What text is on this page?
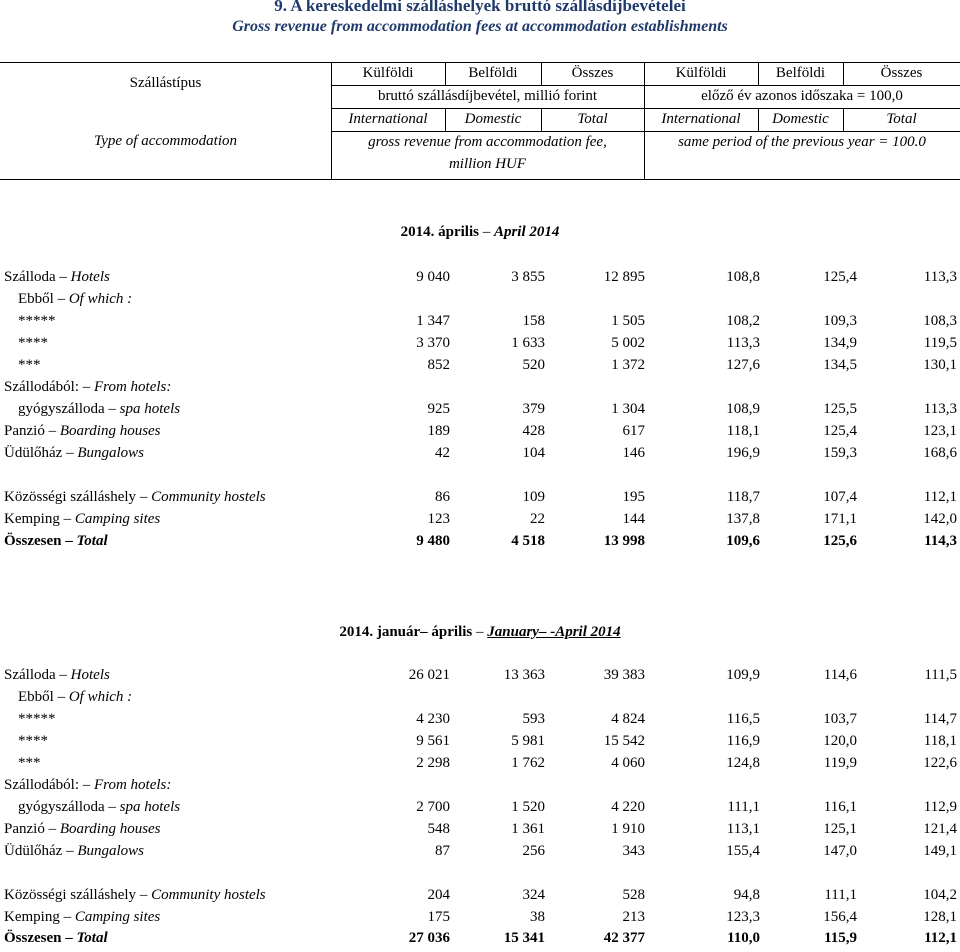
9. A kereskedelmi szálláshelyek bruttó szállásdíjbevételei
Gross revenue from accommodation fees at accommodation establishments
Szállástípus
Type of accommodation
Külföldi	Belföldi	Összes	Külföldi	Belföldi	Összes
bruttó szállásdíjbevétel, millió forint	előző év azonos időszaka = 100,0
International	Domestic	Total	International	Domestic	Total
gross revenue from accommodation fee,
million HUF
same period of the previous year = 100.0
2014. április – April 2014
Szálloda – Hotels	9 040	3 855	12 895	108,8	125,4	113,3
Ebből – Of which :
*****	1 347	158	1 505	108,2	109,3	108,3
****	3 370	1 633	5 002	113,3	134,9	119,5
***	852	520	1 372	127,6	134,5	130,1
Szállodából: – From hotels:
gyógyszálloda – spa hotels	925	379	1 304	108,9	125,5	113,3
Panzió – Boarding houses	189	428	617	118,1	125,4	123,1
Üdülőház – Bungalows	42	104	146	196,9	159,3	168,6
Közösségi szálláshely – Community hostels	86	109	195	118,7	107,4	112,1
Kemping – Camping sites	123	22	144	137,8	171,1	142,0
Összesen – Total	9 480	4 518	13 998	109,6	125,6	114,3
2014. január– április – January– -April 2014
Szálloda – Hotels	26 021	13 363	39 383	109,9	114,6	111,5
Ebből – Of which :
*****	4 230	593	4 824	116,5	103,7	114,7
****	9 561	5 981	15 542	116,9	120,0	118,1
***	2 298	1 762	4 060	124,8	119,9	122,6
Szállodából: – From hotels:
gyógyszálloda – spa hotels	2 700	1 520	4 220	111,1	116,1	112,9
Panzió – Boarding houses	548	1 361	1 910	113,1	125,1	121,4
Üdülőház – Bungalows	87	256	343	155,4	147,0	149,1
Közösségi szálláshely – Community hostels	204	324	528	94,8	111,1	104,2
Kemping – Camping sites	175	38	213	123,3	156,4	128,1
Összesen – Total	27 036	15 341	42 377	110,0	115,9	112,1
